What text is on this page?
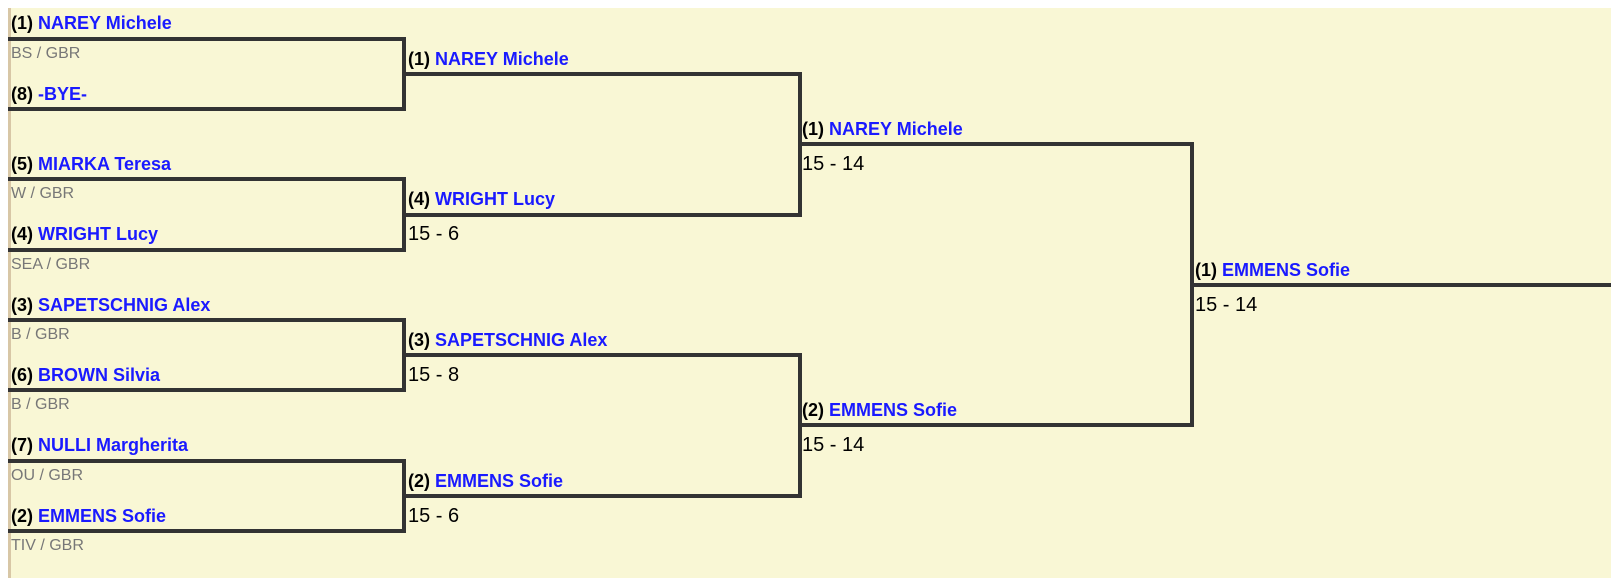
(1) NAREY Michele
BS / GBR
(8) -BYE-
(5) MIARKA Teresa
W / GBR
(4) WRIGHT Lucy
SEA / GBR
(3) SAPETSCHNIG Alex
B / GBR
(6) BROWN Silvia
B / GBR
(7) NULLI Margherita
OU / GBR
(2) EMMENS Sofie
TIV / GBR
(1) NAREY Michele
(4) WRIGHT Lucy
15 - 6
(3) SAPETSCHNIG Alex
15 - 8
(2) EMMENS Sofie
15 - 6
(1) NAREY Michele
15 - 14
(2) EMMENS Sofie
15 - 14
(1) EMMENS Sofie
15 - 14
